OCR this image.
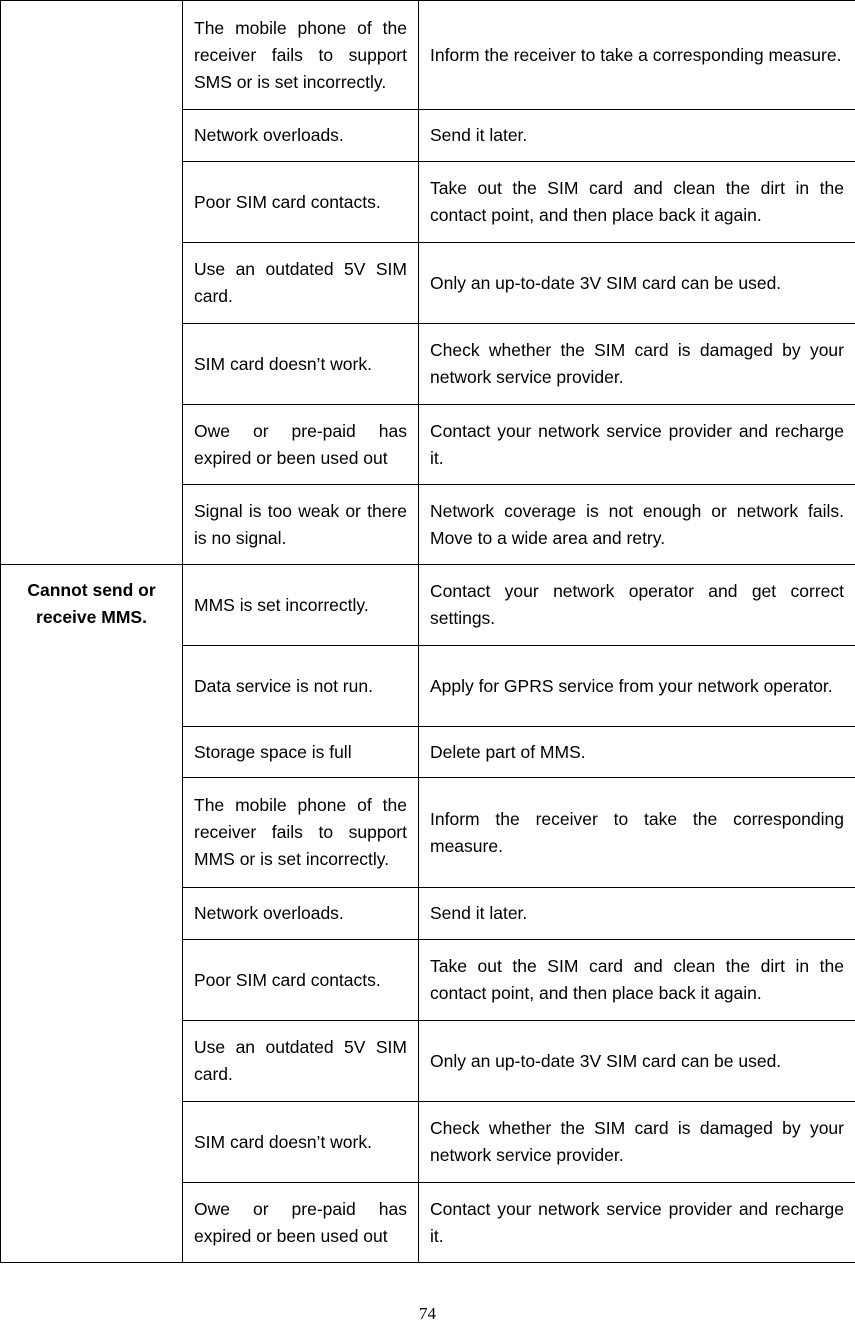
	The mobile phone of the receiver fails to support SMS or is set incorrectly.	Inform the receiver to take a corresponding measure.
	Network overloads.	Send it later.
	Poor SIM card contacts.	Take out the SIM card and clean the dirt in the contact point, and then place back it again.
	Use an outdated 5V SIM card.	Only an up-to-date 3V SIM card can be used.
	SIM card doesn’t work.	Check whether the SIM card is damaged by your network service provider.
	Owe or pre-paid has expired or been used out	Contact your network service provider and recharge it.
	Signal is too weak or there is no signal.	Network coverage is not enough or network fails. Move to a wide area and retry.
Cannot send or receive MMS.	MMS is set incorrectly.	Contact your network operator and get correct settings.
	Data service is not run.	Apply for GPRS service from your network operator.
	Storage space is full	Delete part of MMS.
	The mobile phone of the receiver fails to support MMS or is set incorrectly.	Inform the receiver to take the corresponding measure.
	Network overloads.	Send it later.
	Poor SIM card contacts.	Take out the SIM card and clean the dirt in the contact point, and then place back it again.
	Use an outdated 5V SIM card.	Only an up-to-date 3V SIM card can be used.
	SIM card doesn’t work.	Check whether the SIM card is damaged by your network service provider.
	Owe or pre-paid has expired or been used out	Contact your network service provider and recharge it.
74
